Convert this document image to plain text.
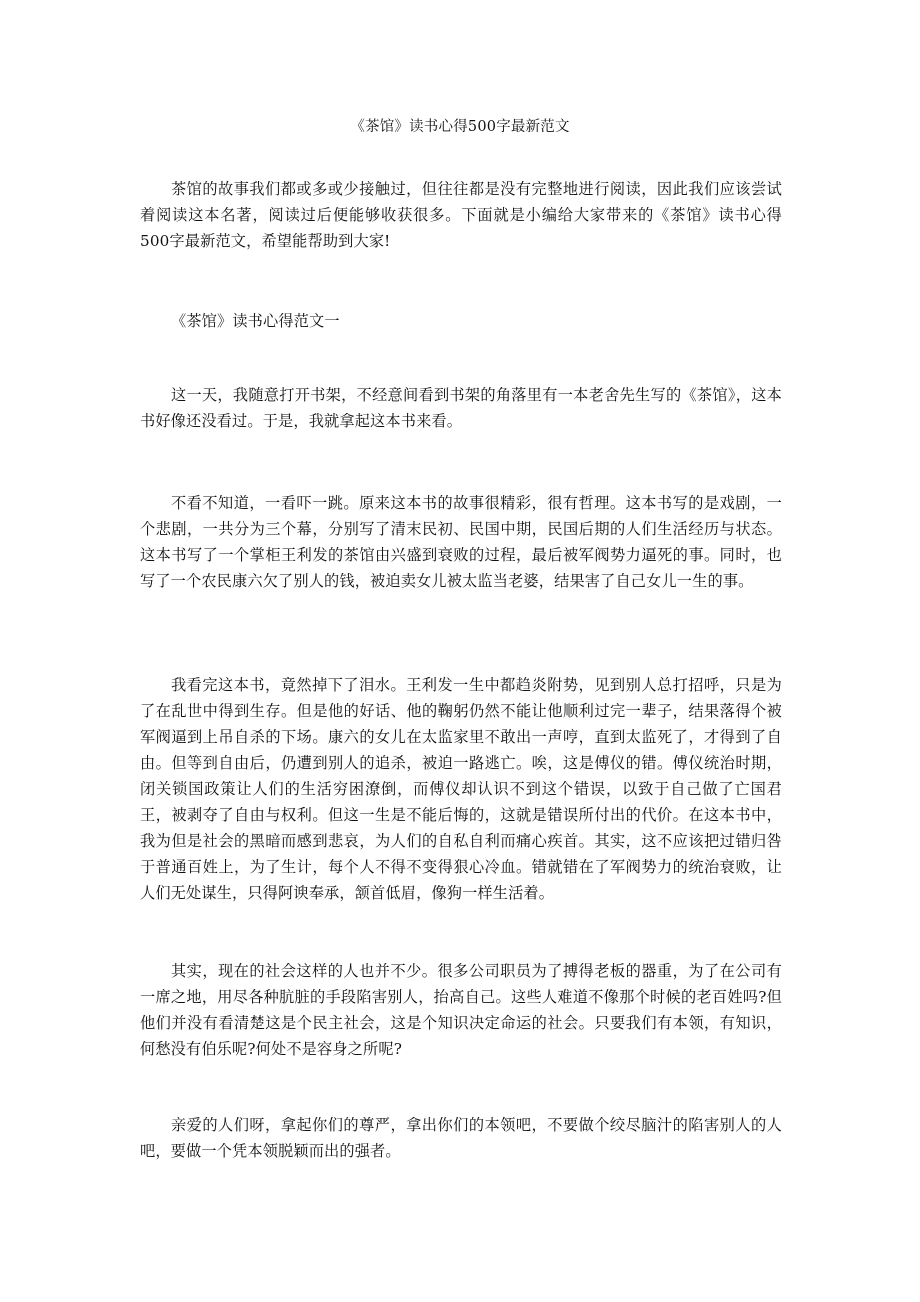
《茶馆》读书心得500字最新范文

茶馆的故事我们都或多或少接触过，但往往都是没有完整地进行阅读，因此我们应该尝试着阅读这本名著，阅读过后便能够收获很多。下面就是小编给大家带来的《茶馆》读书心得500字最新范文，希望能帮助到大家!

《茶馆》读书心得范文一

这一天，我随意打开书架，不经意间看到书架的角落里有一本老舍先生写的《茶馆》，这本书好像还没看过。于是，我就拿起这本书来看。

不看不知道，一看吓一跳。原来这本书的故事很精彩，很有哲理。这本书写的是戏剧，一个悲剧，一共分为三个幕，分别写了清末民初、民国中期，民国后期的人们生活经历与状态。这本书写了一个掌柜王利发的茶馆由兴盛到衰败的过程，最后被军阀势力逼死的事。同时，也写了一个农民康六欠了别人的钱，被迫卖女儿被太监当老婆，结果害了自己女儿一生的事。

我看完这本书，竟然掉下了泪水。王利发一生中都趋炎附势，见到别人总打招呼，只是为了在乱世中得到生存。但是他的好话、他的鞠躬仍然不能让他顺利过完一辈子，结果落得个被军阀逼到上吊自杀的下场。康六的女儿在太监家里不敢出一声哼，直到太监死了，才得到了自由。但等到自由后，仍遭到别人的追杀，被迫一路逃亡。唉，这是傅仪的错。傅仪统治时期，闭关锁国政策让人们的生活穷困潦倒，而傅仪却认识不到这个错误，以致于自己做了亡国君王，被剥夺了自由与权利。但这一生是不能后悔的，这就是错误所付出的代价。在这本书中，我为但是社会的黑暗而感到悲哀，为人们的自私自利而痛心疾首。其实，这不应该把过错归咎于普通百姓上，为了生计，每个人不得不变得狠心冷血。错就错在了军阀势力的统治衰败，让人们无处谋生，只得阿谀奉承，颔首低眉，像狗一样生活着。

其实，现在的社会这样的人也并不少。很多公司职员为了搏得老板的器重，为了在公司有一席之地，用尽各种肮脏的手段陷害别人，抬高自己。这些人难道不像那个时候的老百姓吗?但他们并没有看清楚这是个民主社会，这是个知识决定命运的社会。只要我们有本领，有知识，何愁没有伯乐呢?何处不是容身之所呢?

亲爱的人们呀，拿起你们的尊严，拿出你们的本领吧，不要做个绞尽脑汁的陷害别人的人吧，要做一个凭本领脱颖而出的强者。
